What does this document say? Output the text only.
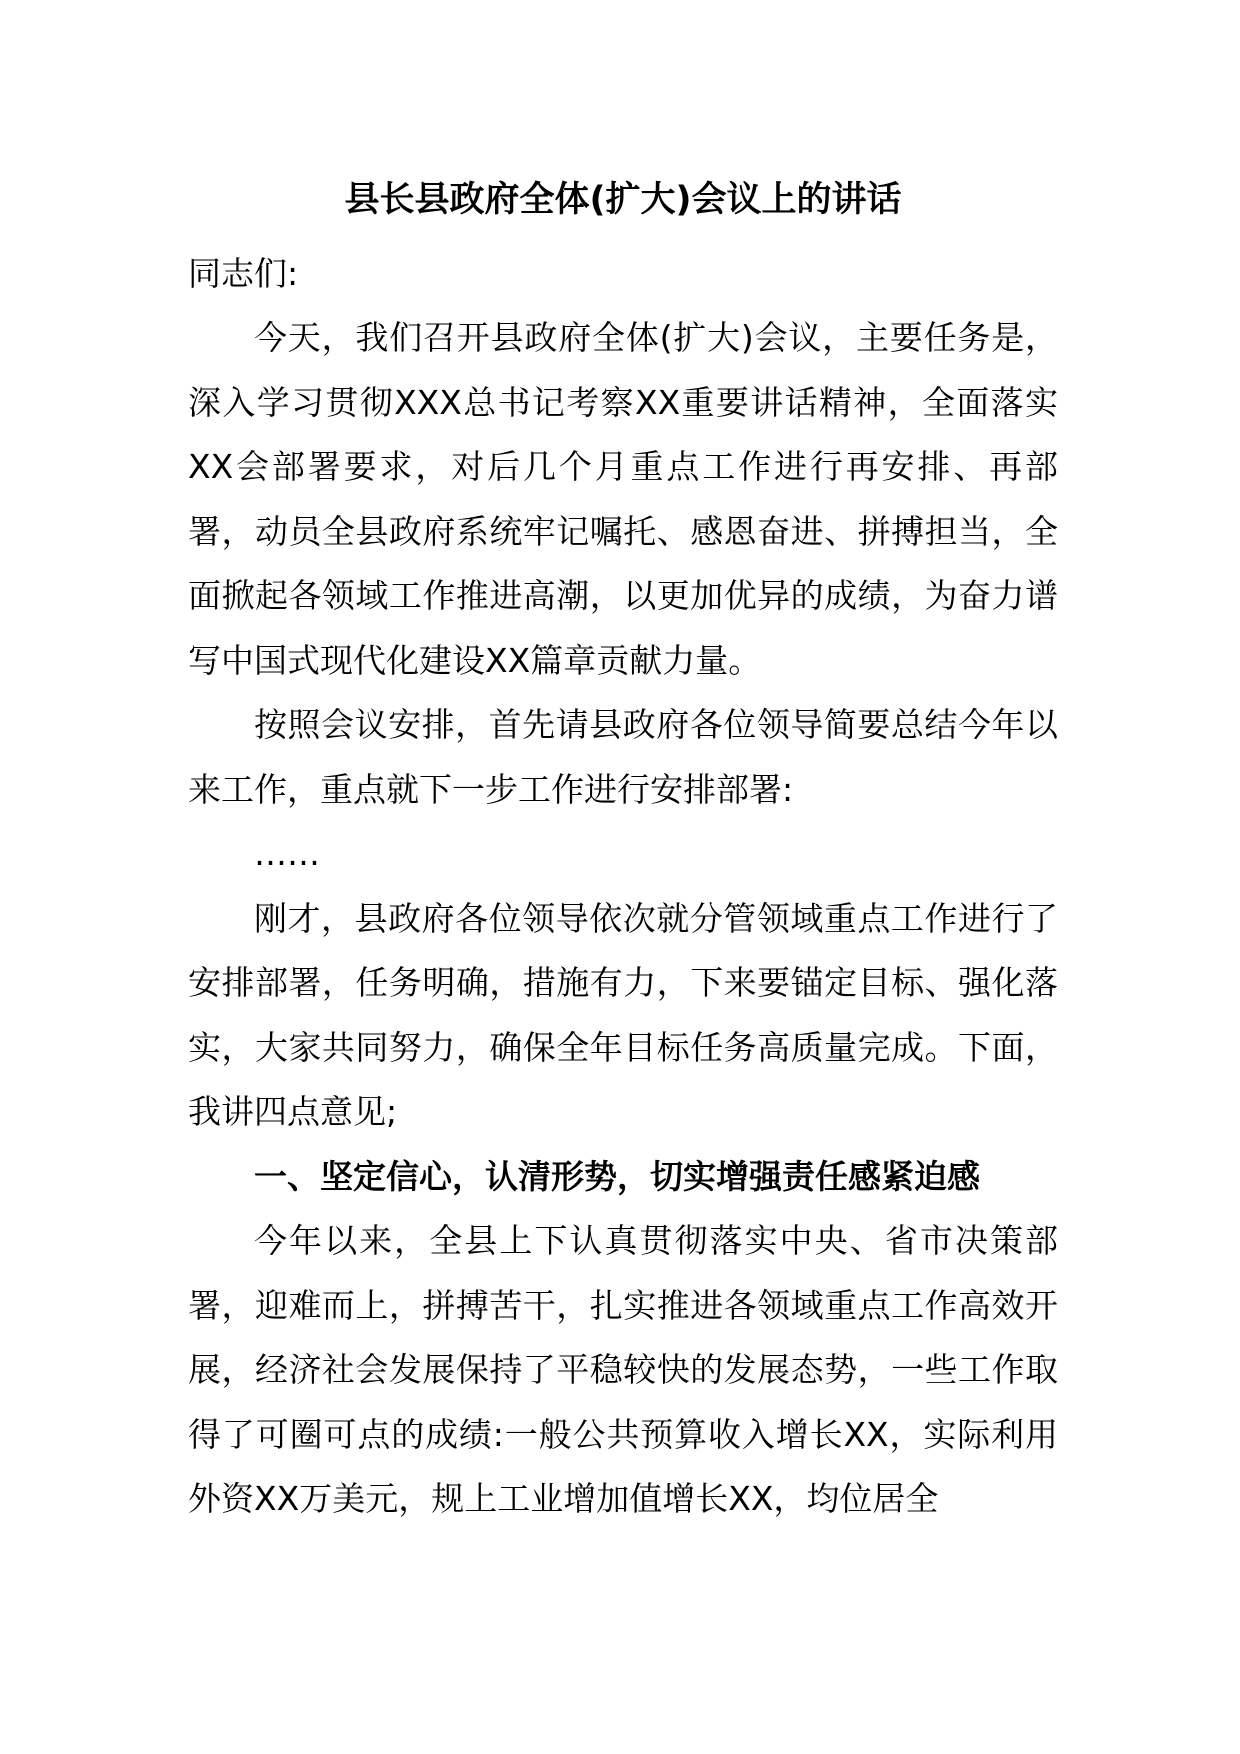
县长县政府全体(扩大)会议上的讲话

同志们:

今天，我们召开县政府全体(扩大)会议，主要任务是，深入学习贯彻XXX总书记考察XX重要讲话精神，全面落实XX会部署要求，对后几个月重点工作进行再安排、再部署，动员全县政府系统牢记嘱托、感恩奋进、拼搏担当，全面掀起各领域工作推进高潮，以更加优异的成绩，为奋力谱写中国式现代化建设XX篇章贡献力量。

按照会议安排，首先请县政府各位领导简要总结今年以来工作，重点就下一步工作进行安排部署:

……

刚才，县政府各位领导依次就分管领域重点工作进行了安排部署，任务明确，措施有力，下来要锚定目标、强化落实，大家共同努力，确保全年目标任务高质量完成。下面，我讲四点意见;

一、坚定信心，认清形势，切实增强责任感紧迫感

今年以来，全县上下认真贯彻落实中央、省市决策部署，迎难而上，拼搏苦干，扎实推进各领域重点工作高效开展，经济社会发展保持了平稳较快的发展态势，一些工作取得了可圈可点的成绩:一般公共预算收入增长XX，实际利用外资XX万美元，规上工业增加值增长XX，均位居全
